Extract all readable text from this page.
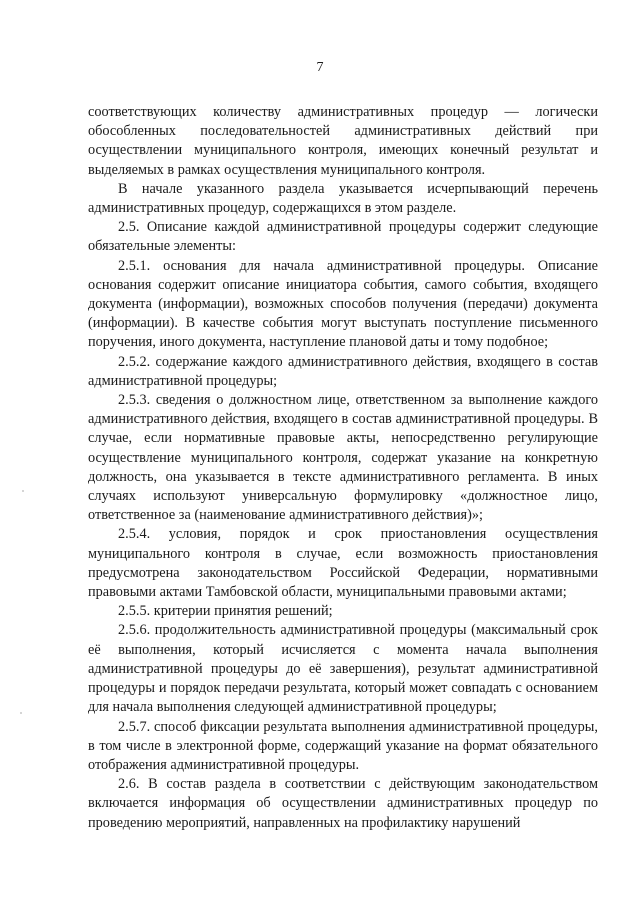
7

соответствующих количеству административных процедур — логически обособленных последовательностей административных действий при осуществлении муниципального контроля, имеющих конечный результат и выделяемых в рамках осуществления муниципального контроля.

В начале указанного раздела указывается исчерпывающий перечень административных процедур, содержащихся в этом разделе.

2.5. Описание каждой административной процедуры содержит следующие обязательные элементы:

2.5.1. основания для начала административной процедуры. Описание основания содержит описание инициатора события, самого события, входящего документа (информации), возможных способов получения (передачи) документа (информации). В качестве события могут выступать поступление письменного поручения, иного документа, наступление плановой даты и тому подобное;

2.5.2. содержание каждого административного действия, входящего в состав административной процедуры;

2.5.3. сведения о должностном лице, ответственном за выполнение каждого административного действия, входящего в состав административной процедуры. В случае, если нормативные правовые акты, непосредственно регулирующие осуществление муниципального контроля, содержат указание на конкретную должность, она указывается в тексте административного регламента. В иных случаях используют универсальную формулировку «должностное лицо, ответственное за (наименование административного действия)»;

2.5.4. условия, порядок и срок приостановления осуществления муниципального контроля в случае, если возможность приостановления предусмотрена законодательством Российской Федерации, нормативными правовыми актами Тамбовской области, муниципальными правовыми актами;

2.5.5. критерии принятия решений;

2.5.6. продолжительность административной процедуры (максимальный срок её выполнения, который исчисляется с момента начала выполнения административной процедуры до её завершения), результат административной процедуры и порядок передачи результата, который может совпадать с основанием для начала выполнения следующей административной процедуры;

2.5.7. способ фиксации результата выполнения административной процедуры, в том числе в электронной форме, содержащий указание на формат обязательного отображения административной процедуры.

2.6. В состав раздела в соответствии с действующим законодательством включается информация об осуществлении административных процедур по проведению мероприятий, направленных на профилактику нарушений
